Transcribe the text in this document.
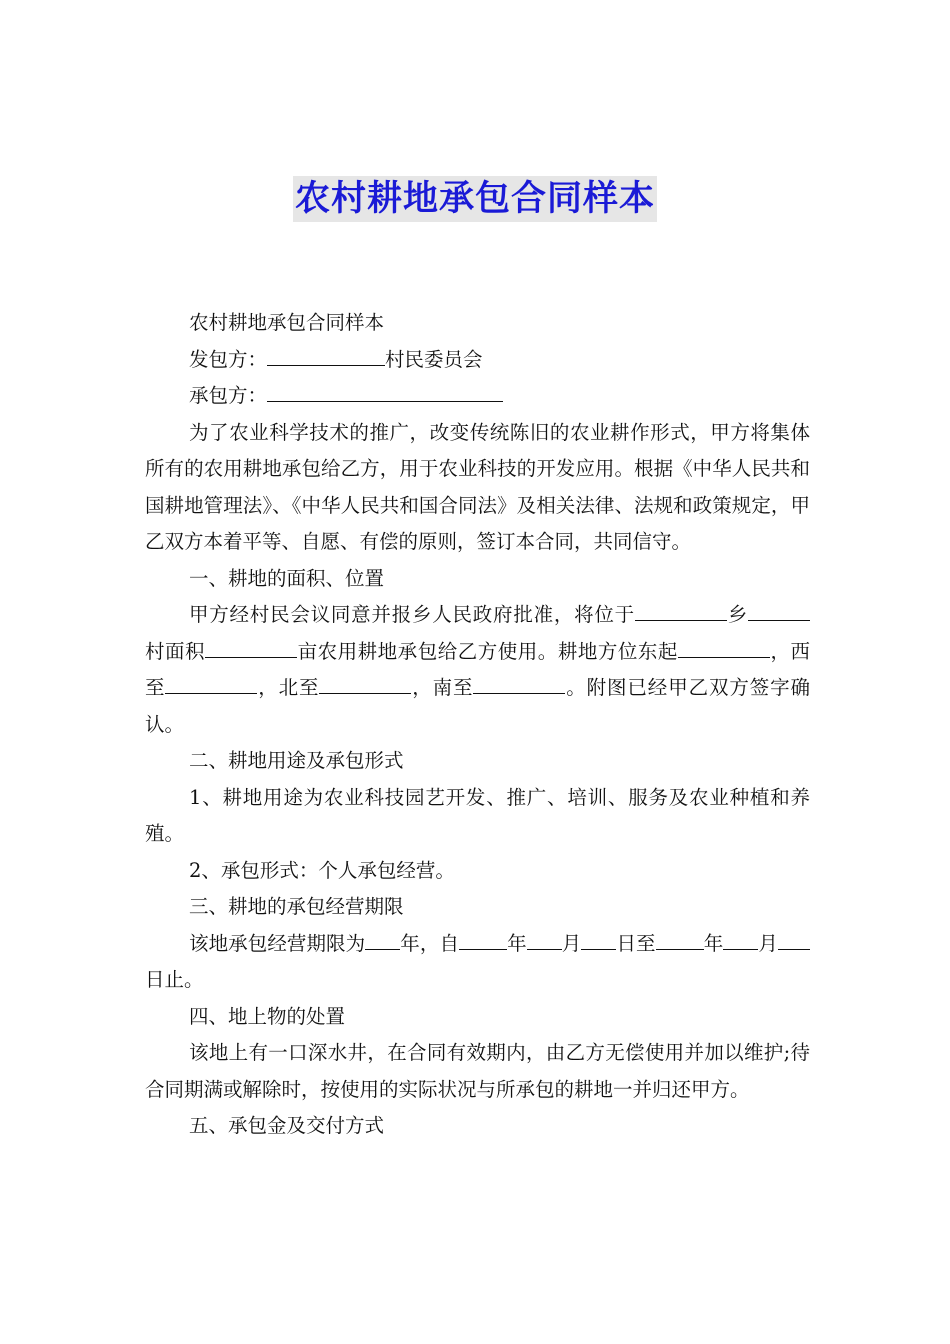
农村耕地承包合同样本

农村耕地承包合同样本

发包方：	村民委员会

承包方：

为了农业科学技术的推广，改变传统陈旧的农业耕作形式，甲方将集体所有的农用耕地承包给乙方，用于农业科技的开发应用。根据《中华人民共和国耕地管理法》、《中华人民共和国合同法》及相关法律、法规和政策规定，甲乙双方本着平等、自愿、有偿的原则，签订本合同，共同信守。

一、耕地的面积、位置

甲方经村民会议同意并报乡人民政府批准，将位于	乡村面积	亩农用耕地承包给乙方使用。耕地方位东起	，西至	，北至	，南至	。附图已经甲乙双方签字确认。

二、耕地用途及承包形式

1、耕地用途为农业科技园艺开发、推广、培训、服务及农业种植和养殖。

2、承包形式：个人承包经营。

三、耕地的承包经营期限

该地承包经营期限为 年，自 年 月 日至 年 月日止。

四、地上物的处置

该地上有一口深水井，在合同有效期内，由乙方无偿使用并加以维护;待合同期满或解除时，按使用的实际状况与所承包的耕地一并归还甲方。

五、承包金及交付方式
